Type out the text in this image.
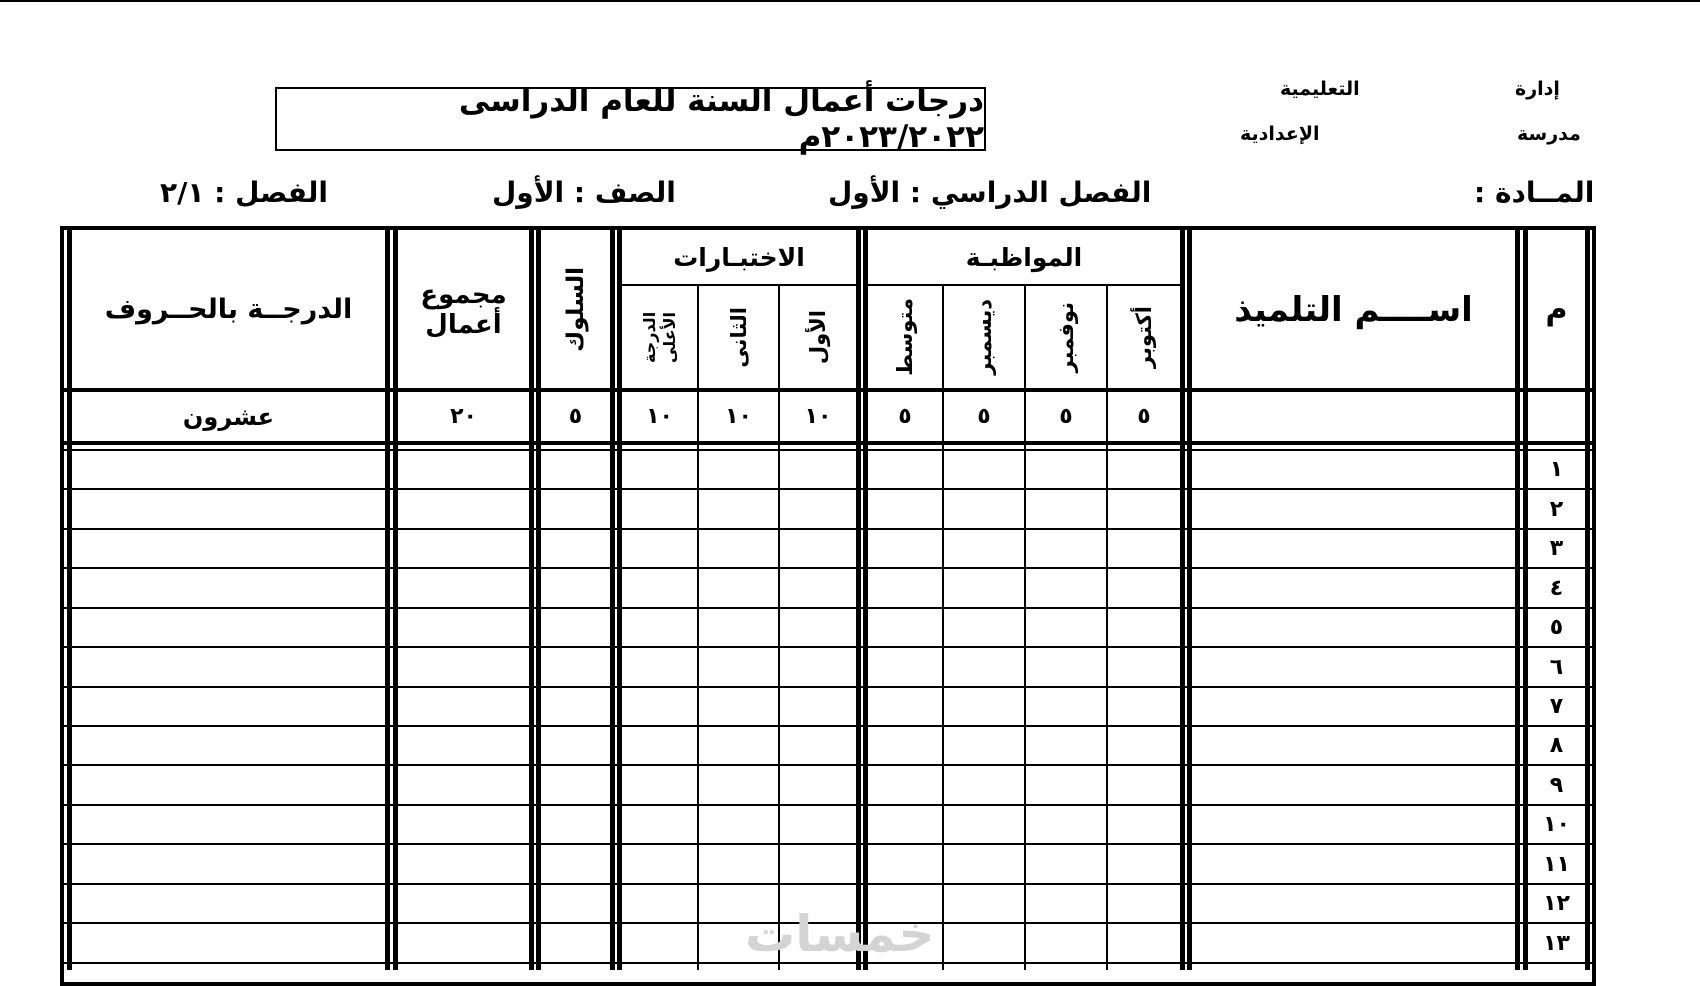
إدارة
التعليمية
مدرسة
الإعدادية
درجات أعمال السنة للعام الدراسى ٢٠٢٣/٢٠٢٢م
المــادة :
الفصل الدراسي : الأول
الصف : الأول
الفصل : ٢/١
م
اســــم التلميذ
المواظبـة
الاختبـارات
أكتوبر
نوفمبر
ديسمبر
متوسط
الأول
الثانى
الدرجة الأعلى
السلوك
مجموع
أعمال
الدرجــة بالحــروف
٥
٥
٥
٥
١٠
١٠
١٠
٥
٢٠
عشرون
١
٢
٣
٤
٥
٦
٧
٨
٩
١٠
١١
١٢
١٣
خمسات
